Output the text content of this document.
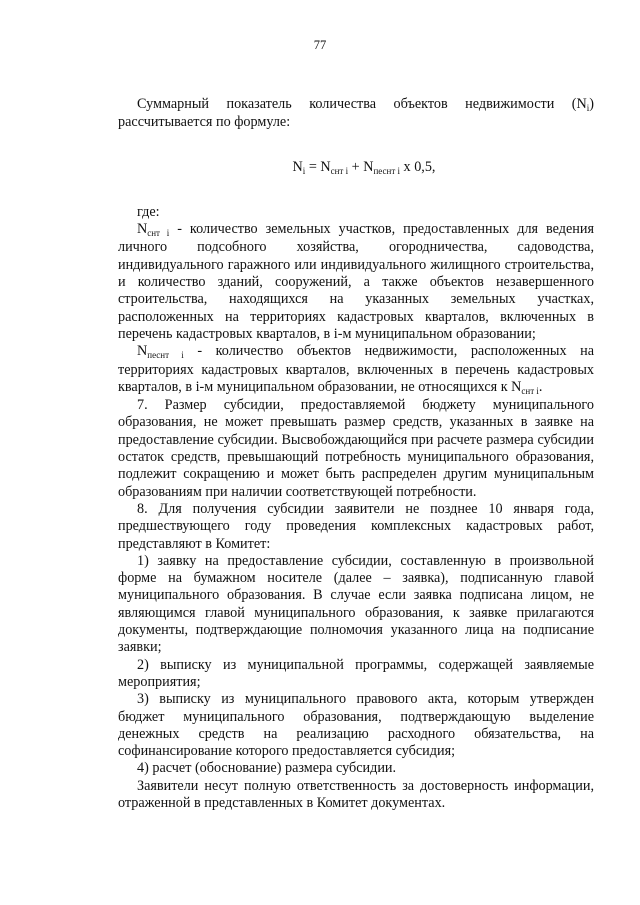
77

Суммарный показатель количества объектов недвижимости $(N_i)$ рассчитывается по формуле:

$N_i = N_{снт i} + N_{песнт i}$ x 0,5,

где:

$N_{снт i}$ - количество земельных участков, предоставленных для ведения личного подсобного хозяйства, огородничества, садоводства, индивидуального гаражного или индивидуального жилищного строительства, и количество зданий, сооружений, а также объектов незавершенного строительства, находящихся на указанных земельных участках, расположенных на территориях кадастровых кварталов, включенных в перечень кадастровых кварталов, в i-м муниципальном образовании;

$N_{песнт i}$ - количество объектов недвижимости, расположенных на территориях кадастровых кварталов, включенных в перечень кадастровых кварталов, в i-м муниципальном образовании, не относящихся к $N_{снт i}$.

7. Размер субсидии, предоставляемой бюджету муниципального образования, не может превышать размер средств, указанных в заявке на предоставление субсидии. Высвобождающийся при расчете размера субсидии остаток средств, превышающий потребность муниципального образования, подлежит сокращению и может быть распределен другим муниципальным образованиям при наличии соответствующей потребности.

8. Для получения субсидии заявители не позднее 10 января года, предшествующего году проведения комплексных кадастровых работ, представляют в Комитет:

1) заявку на предоставление субсидии, составленную в произвольной форме на бумажном носителе (далее – заявка), подписанную главой муниципального образования. В случае если заявка подписана лицом, не являющимся главой муниципального образования, к заявке прилагаются документы, подтверждающие полномочия указанного лица на подписание заявки;

2) выписку из муниципальной программы, содержащей заявляемые мероприятия;

3) выписку из муниципального правового акта, которым утвержден бюджет муниципального образования, подтверждающую выделение денежных средств на реализацию расходного обязательства, на софинансирование которого предоставляется субсидия;

4) расчет (обоснование) размера субсидии.

Заявители несут полную ответственность за достоверность информации, отраженной в представленных в Комитет документах.
